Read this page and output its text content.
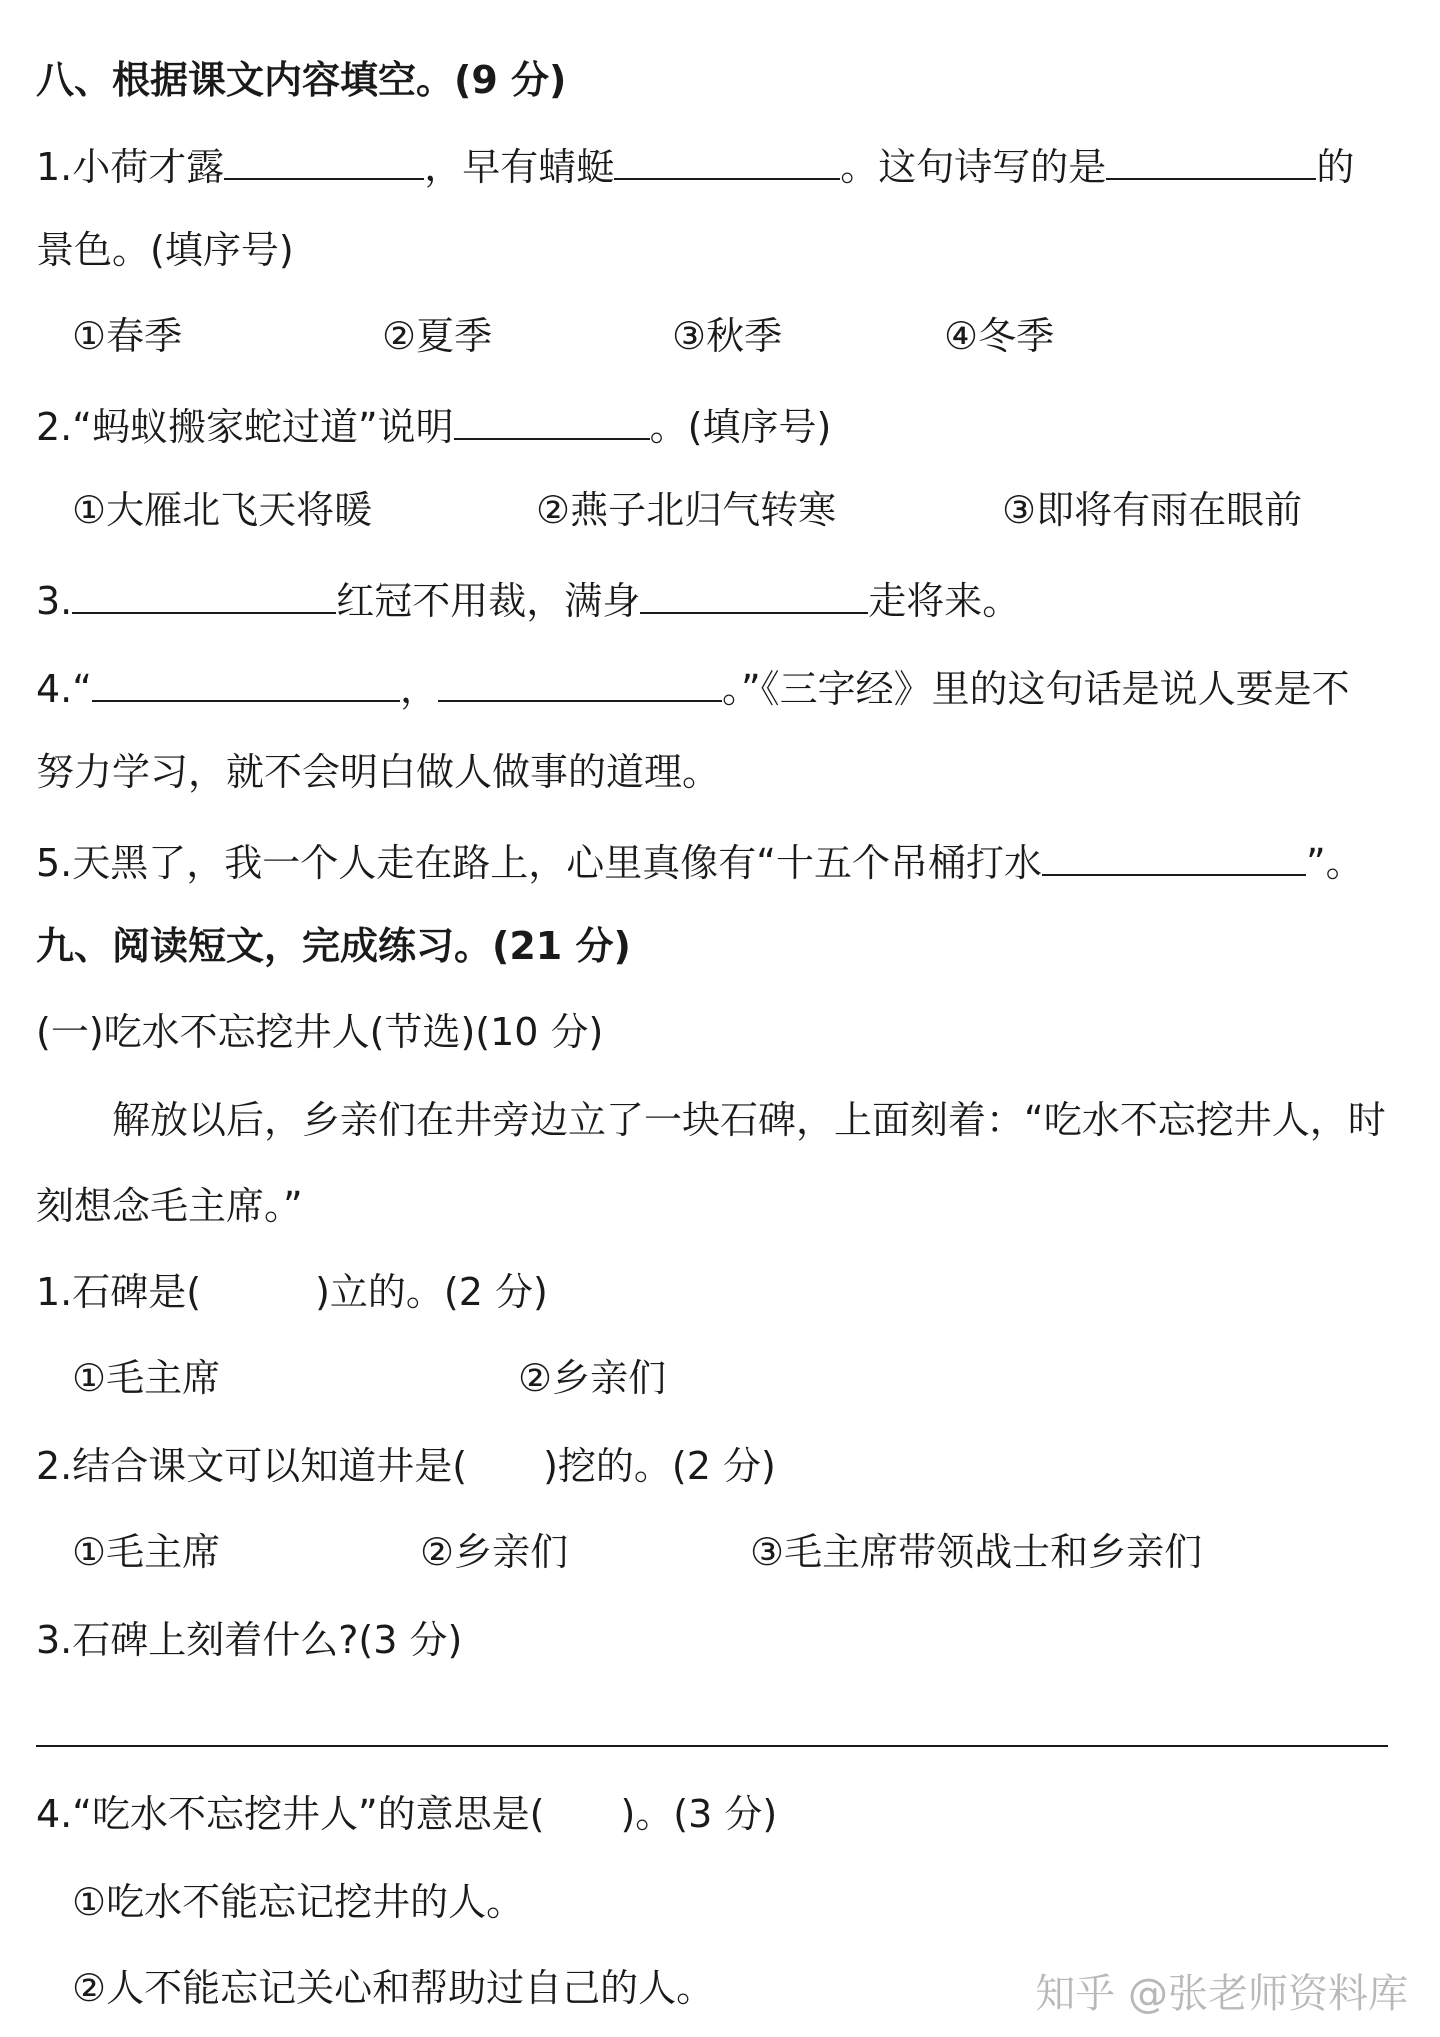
八、根据课文内容填空。(9 分)
1.小荷才露	，早有蜻蜓	。这句诗写的是	的
景色。(填序号)
①春季	②夏季	③秋季	④冬季
2.“蚂蚁搬家蛇过道”说明	。(填序号)
①大雁北飞天将暖	②燕子北归气转寒	③即将有雨在眼前
3.	红冠不用裁，满身	走将来。
4.“	，	。”《三字经》里的这句话是说人要是不
努力学习，就不会明白做人做事的道理。
5.天黑了，我一个人走在路上，心里真像有“十五个吊桶打水	”。
九、阅读短文，完成练习。(21 分)
(一)吃水不忘挖井人(节选)(10 分)
解放以后，乡亲们在井旁边立了一块石碑，上面刻着：“吃水不忘挖井人，时
刻想念毛主席。”
1.石碑是(　　　)立的。(2 分)
①毛主席	②乡亲们
2.结合课文可以知道井是(　　)挖的。(2 分)
①毛主席	②乡亲们	③毛主席带领战士和乡亲们
3.石碑上刻着什么?(3 分)
4.“吃水不忘挖井人”的意思是(　　)。(3 分)
①吃水不能忘记挖井的人。
②人不能忘记关心和帮助过自己的人。	知乎 @张老师资料库
